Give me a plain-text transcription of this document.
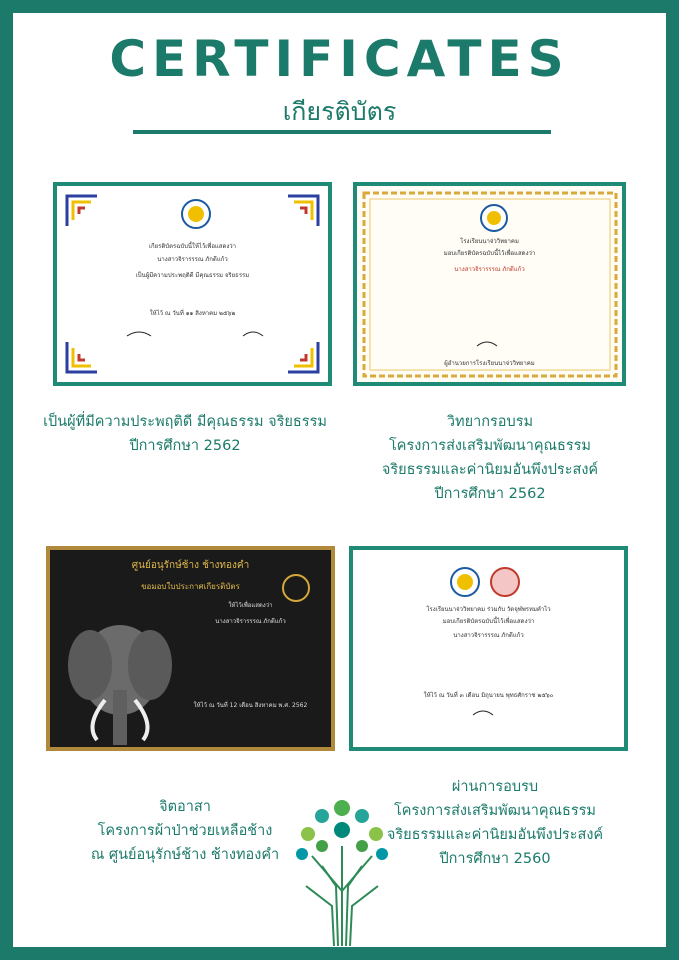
CERTIFICATES
เกียรติบัตร
เกียรติบัตรฉบับนี้ให้ไว้เพื่อแสดงว่า
นางสาวจิรารรรณ ภักดีแก้ว
เป็นผู้มีความประพฤติดี มีคุณธรรม จริยธรรม
ให้ไว้ ณ วันที่ ๑๑ สิงหาคม ๒๕๖๒
โรงเรียนนาจ่ววิทยาคม
มอบเกียรติบัตรฉบับนี้ไว้เพื่อแสดงว่า
นางสาวจิรารรรณ ภักดีแก้ว
ผู้อำนวยการโรงเรียนนาจ่ววิทยาคม
ศูนย์อนุรักษ์ช้าง ช้างทองคำ
ขอมอบใบประกาศเกียรติบัตร
ให้ไว้เพื่อแสดงว่า
นางสาวจิรารรรณ ภักดีแก้ว
ให้ไว้ ณ วันที่ 12 เดือน สิงหาคม พ.ศ. 2562
โรงเรียนนาจ่ววิทยาคม ร่วมกับ วัดจุฬพรหมคำไว
มอบเกียรติบัตรฉบับนี้ไว้เพื่อแสดงว่า
นางสาวจิรารรรณ ภักดีแก้ว
ให้ไว้ ณ วันที่ ๓ เดือน มิถุนายน พุทธศักราช ๒๕๖๐
เป็นผู้ที่มีความประพฤติดี มีคุณธรรม จริยธรรม
ปีการศึกษา 2562
วิทยากรอบรม
โครงการส่งเสริมพัฒนาคุณธรรม
จริยธรรมและค่านิยมอันพึงประสงค์
ปีการศึกษา 2562
จิตอาสา
โครงการผ้าป่าช่วยเหลือช้าง
ณ ศูนย์อนุรักษ์ช้าง ช้างทองคำ
ผ่านการอบรบ
โครงการส่งเสริมพัฒนาคุณธรรม
จริยธรรมและค่านิยมอันพึงประสงค์
ปีการศึกษา 2560
